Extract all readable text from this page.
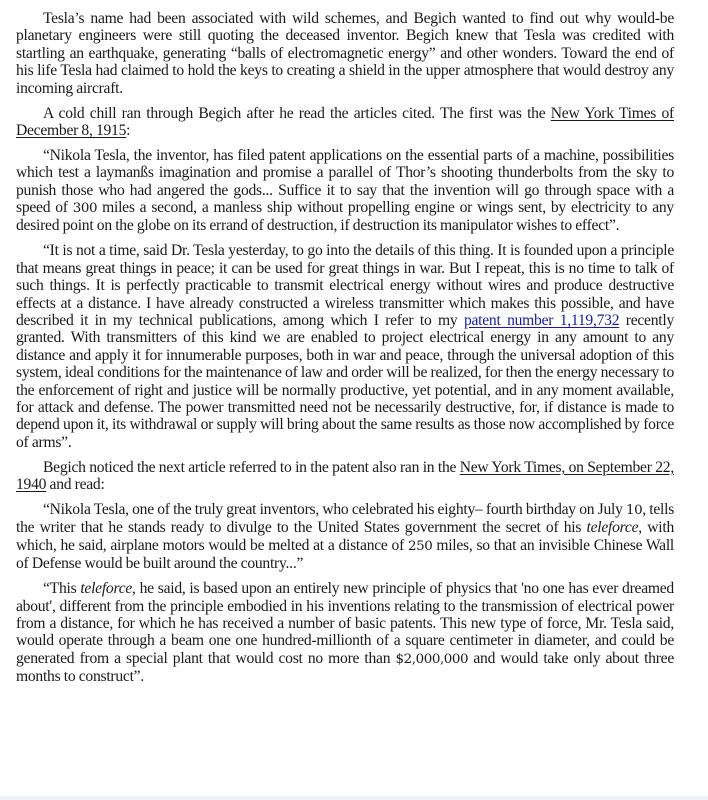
Tesla’s name had been associated with wild schemes, and Begich wanted to find out why would-be planetary engineers were still quoting the deceased inventor. Begich knew that Tesla was credited with startling an earthquake, generating “balls of electromagnetic energy” and other wonders. Toward the end of his life Tesla had claimed to hold the keys to creating a shield in the upper atmosphere that would destroy any incoming aircraft.

A cold chill ran through Begich after he read the articles cited. The first was the New York Times of December 8, 1915:

“Nikola Tesla, the inventor, has filed patent applications on the essential parts of a machine, possibilities which test a laymanßs imagination and promise a parallel of Thor’s shooting thunderbolts from the sky to punish those who had angered the gods... Suffice it to say that the invention will go through space with a speed of 300 miles a second, a manless ship without propelling engine or wings sent, by electricity to any desired point on the globe on its errand of destruction, if destruction its manipulator wishes to effect”.

“It is not a time, said Dr. Tesla yesterday, to go into the details of this thing. It is founded upon a principle that means great things in peace; it can be used for great things in war. But I repeat, this is no time to talk of such things. It is perfectly practicable to transmit electrical energy without wires and produce destructive effects at a distance. I have already constructed a wireless transmitter which makes this possible, and have described it in my technical publications, among which I refer to my patent number 1,119,732 recently granted. With transmitters of this kind we are enabled to project electrical energy in any amount to any distance and apply it for innumerable purposes, both in war and peace, through the universal adoption of this system, ideal conditions for the maintenance of law and order will be realized, for then the energy necessary to the enforcement of right and justice will be normally productive, yet potential, and in any moment available, for attack and defense. The power transmitted need not be necessarily destructive, for, if distance is made to depend upon it, its withdrawal or supply will bring about the same results as those now accomplished by force of arms”.

Begich noticed the next article referred to in the patent also ran in the New York Times, on September 22, 1940 and read:

“Nikola Tesla, one of the truly great inventors, who celebrated his eighty– fourth birthday on July 10, tells the writer that he stands ready to divulge to the United States government the secret of his teleforce, with which, he said, airplane motors would be melted at a distance of 250 miles, so that an invisible Chinese Wall of Defense would be built around the country...”

“This teleforce, he said, is based upon an entirely new principle of physics that 'no one has ever dreamed about', different from the principle embodied in his inventions relating to the transmission of electrical power from a distance, for which he has received a number of basic patents. This new type of force, Mr. Tesla said, would operate through a beam one one hundred-millionth of a square centimeter in diameter, and could be generated from a special plant that would cost no more than $2,000,000 and would take only about three months to construct”.
